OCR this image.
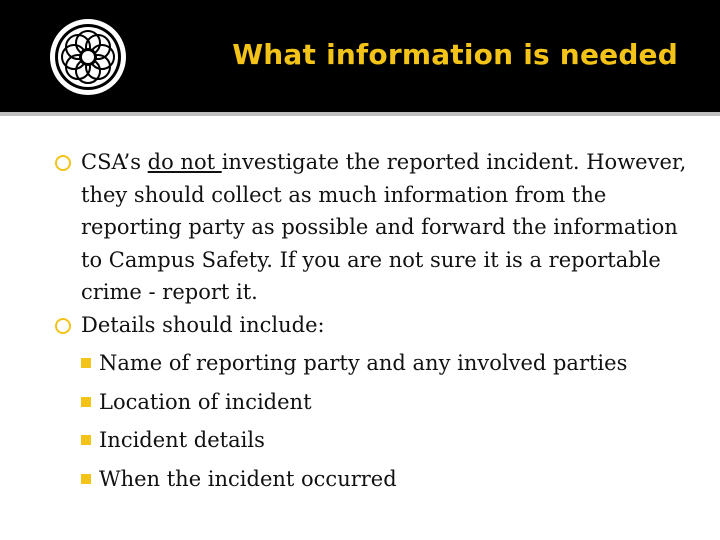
What information is needed
CSA’s do not investigate the reported incident. However, they should collect as much information from the reporting party as possible and forward the information to Campus Safety. If you are not sure it is a reportable crime - report it.
Details should include:
Name of reporting party and any involved parties
Location of incident
Incident details
When the incident occurred
